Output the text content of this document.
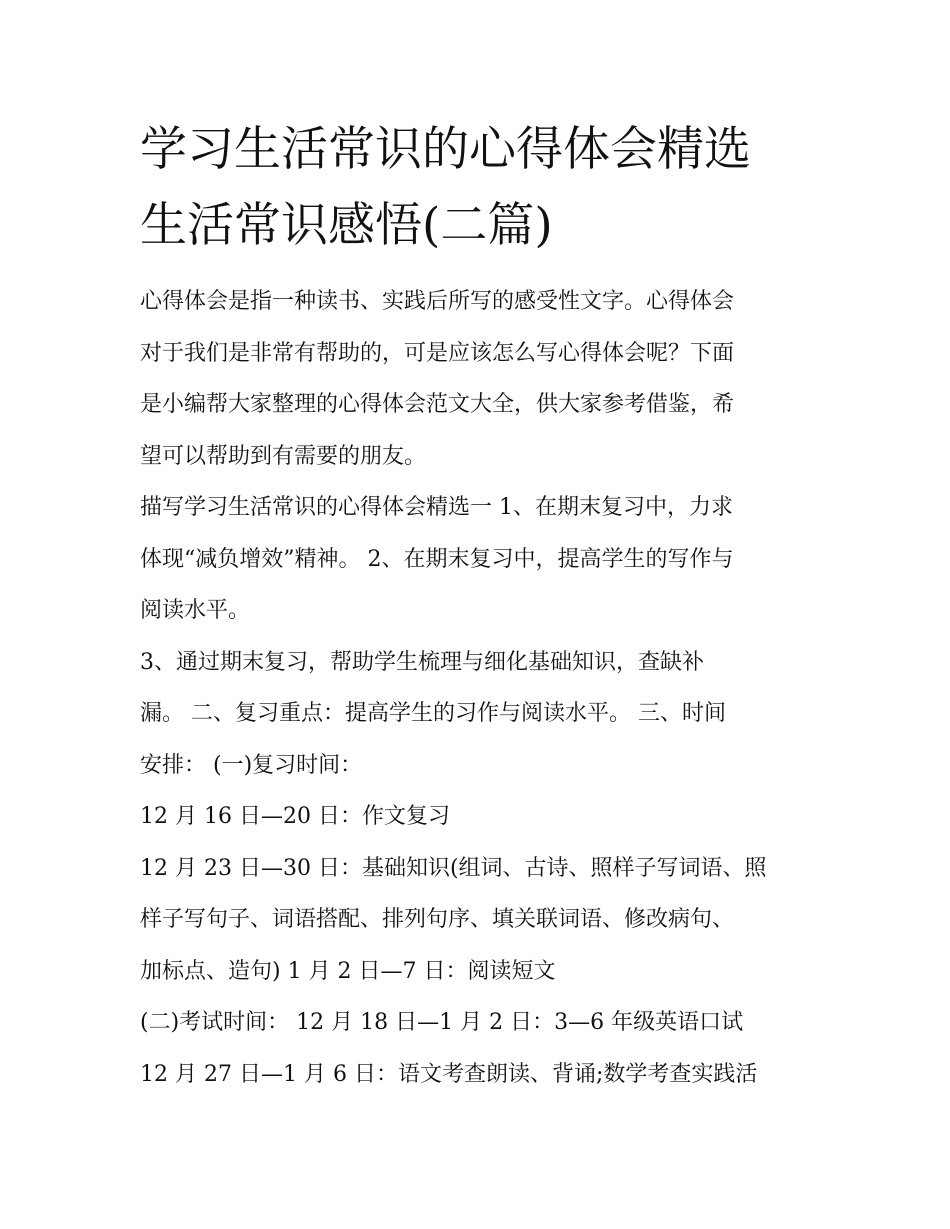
学习生活常识的心得体会精选
生活常识感悟(二篇)

心得体会是指一种读书、实践后所写的感受性文字。心得体会
对于我们是非常有帮助的，可是应该怎么写心得体会呢？下面
是小编帮大家整理的心得体会范文大全，供大家参考借鉴，希
望可以帮助到有需要的朋友。

描写学习生活常识的心得体会精选一 1、在期末复习中，力求
体现“减负增效”精神。 2、在期末复习中，提高学生的写作与
阅读水平。

3、通过期末复习，帮助学生梳理与细化基础知识，查缺补
漏。 二、复习重点：提高学生的习作与阅读水平。 三、时间
安排： (一)复习时间：

12 月 16 日—20 日：作文复习

12 月 23 日—30 日：基础知识(组词、古诗、照样子写词语、照
样子写句子、词语搭配、排列句序、填关联词语、修改病句、
加标点、造句) 1 月 2 日—7 日：阅读短文

(二)考试时间： 12 月 18 日—1 月 2 日：3—6 年级英语口试

12 月 27 日—1 月 6 日：语文考查朗读、背诵;数学考查实践活
